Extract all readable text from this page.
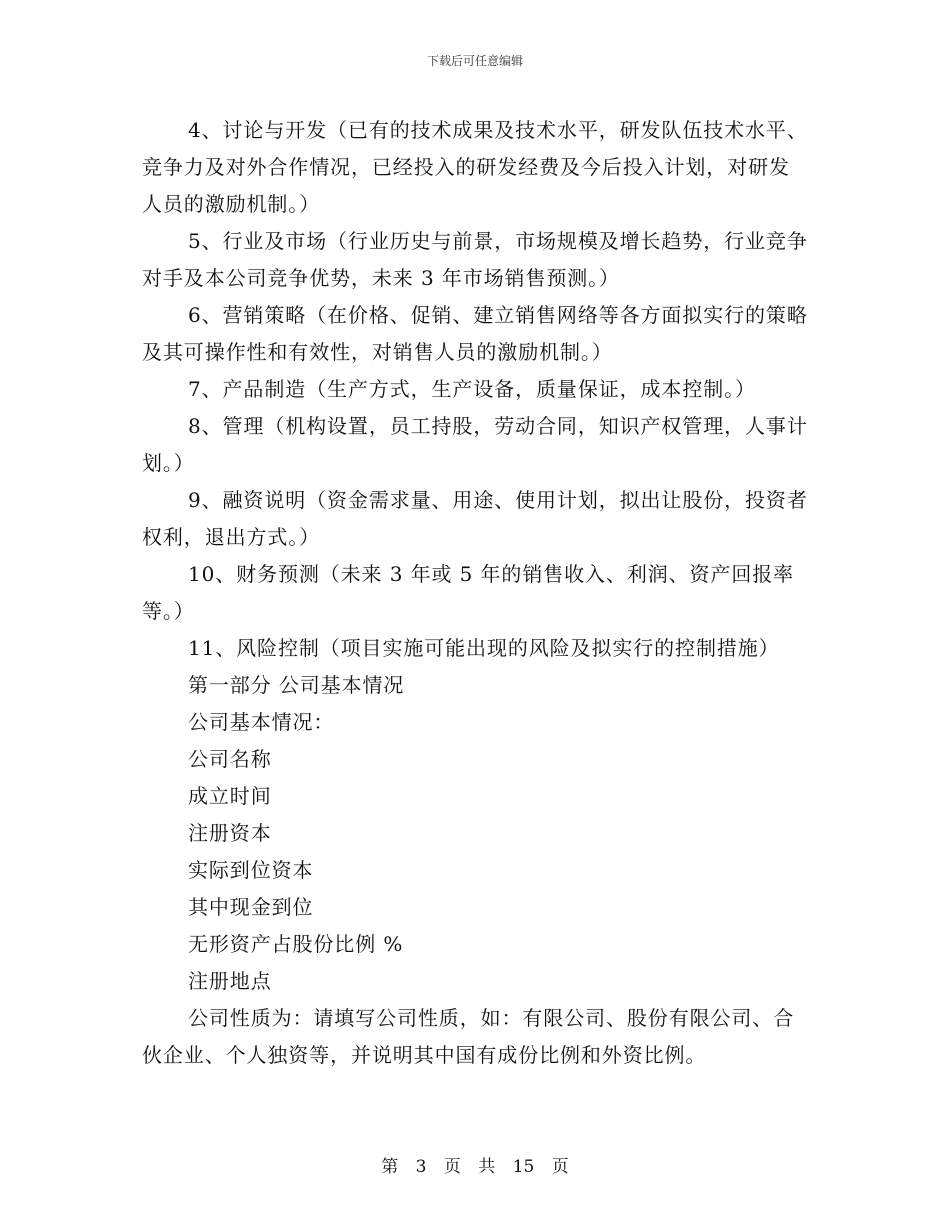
下载后可任意编辑

4、讨论与开发（已有的技术成果及技术水平，研发队伍技术水平、竞争力及对外合作情况，已经投入的研发经费及今后投入计划，对研发人员的激励机制。）

5、行业及市场（行业历史与前景，市场规模及增长趋势，行业竞争对手及本公司竞争优势，未来 3 年市场销售预测。）

6、营销策略（在价格、促销、建立销售网络等各方面拟实行的策略及其可操作性和有效性，对销售人员的激励机制。）

7、产品制造（生产方式，生产设备，质量保证，成本控制。）

8、管理（机构设置，员工持股，劳动合同，知识产权管理，人事计划。）

9、融资说明（资金需求量、用途、使用计划，拟出让股份，投资者权利，退出方式。）

10、财务预测（未来 3 年或 5 年的销售收入、利润、资产回报率等。）

11、风险控制（项目实施可能出现的风险及拟实行的控制措施）

第一部分 公司基本情况

公司基本情况：

公司名称

成立时间

注册资本

实际到位资本

其中现金到位

无形资产占股份比例 %

注册地点

公司性质为：请填写公司性质，如：有限公司、股份有限公司、合伙企业、个人独资等，并说明其中国有成份比例和外资比例。

第 3 页 共 15 页
